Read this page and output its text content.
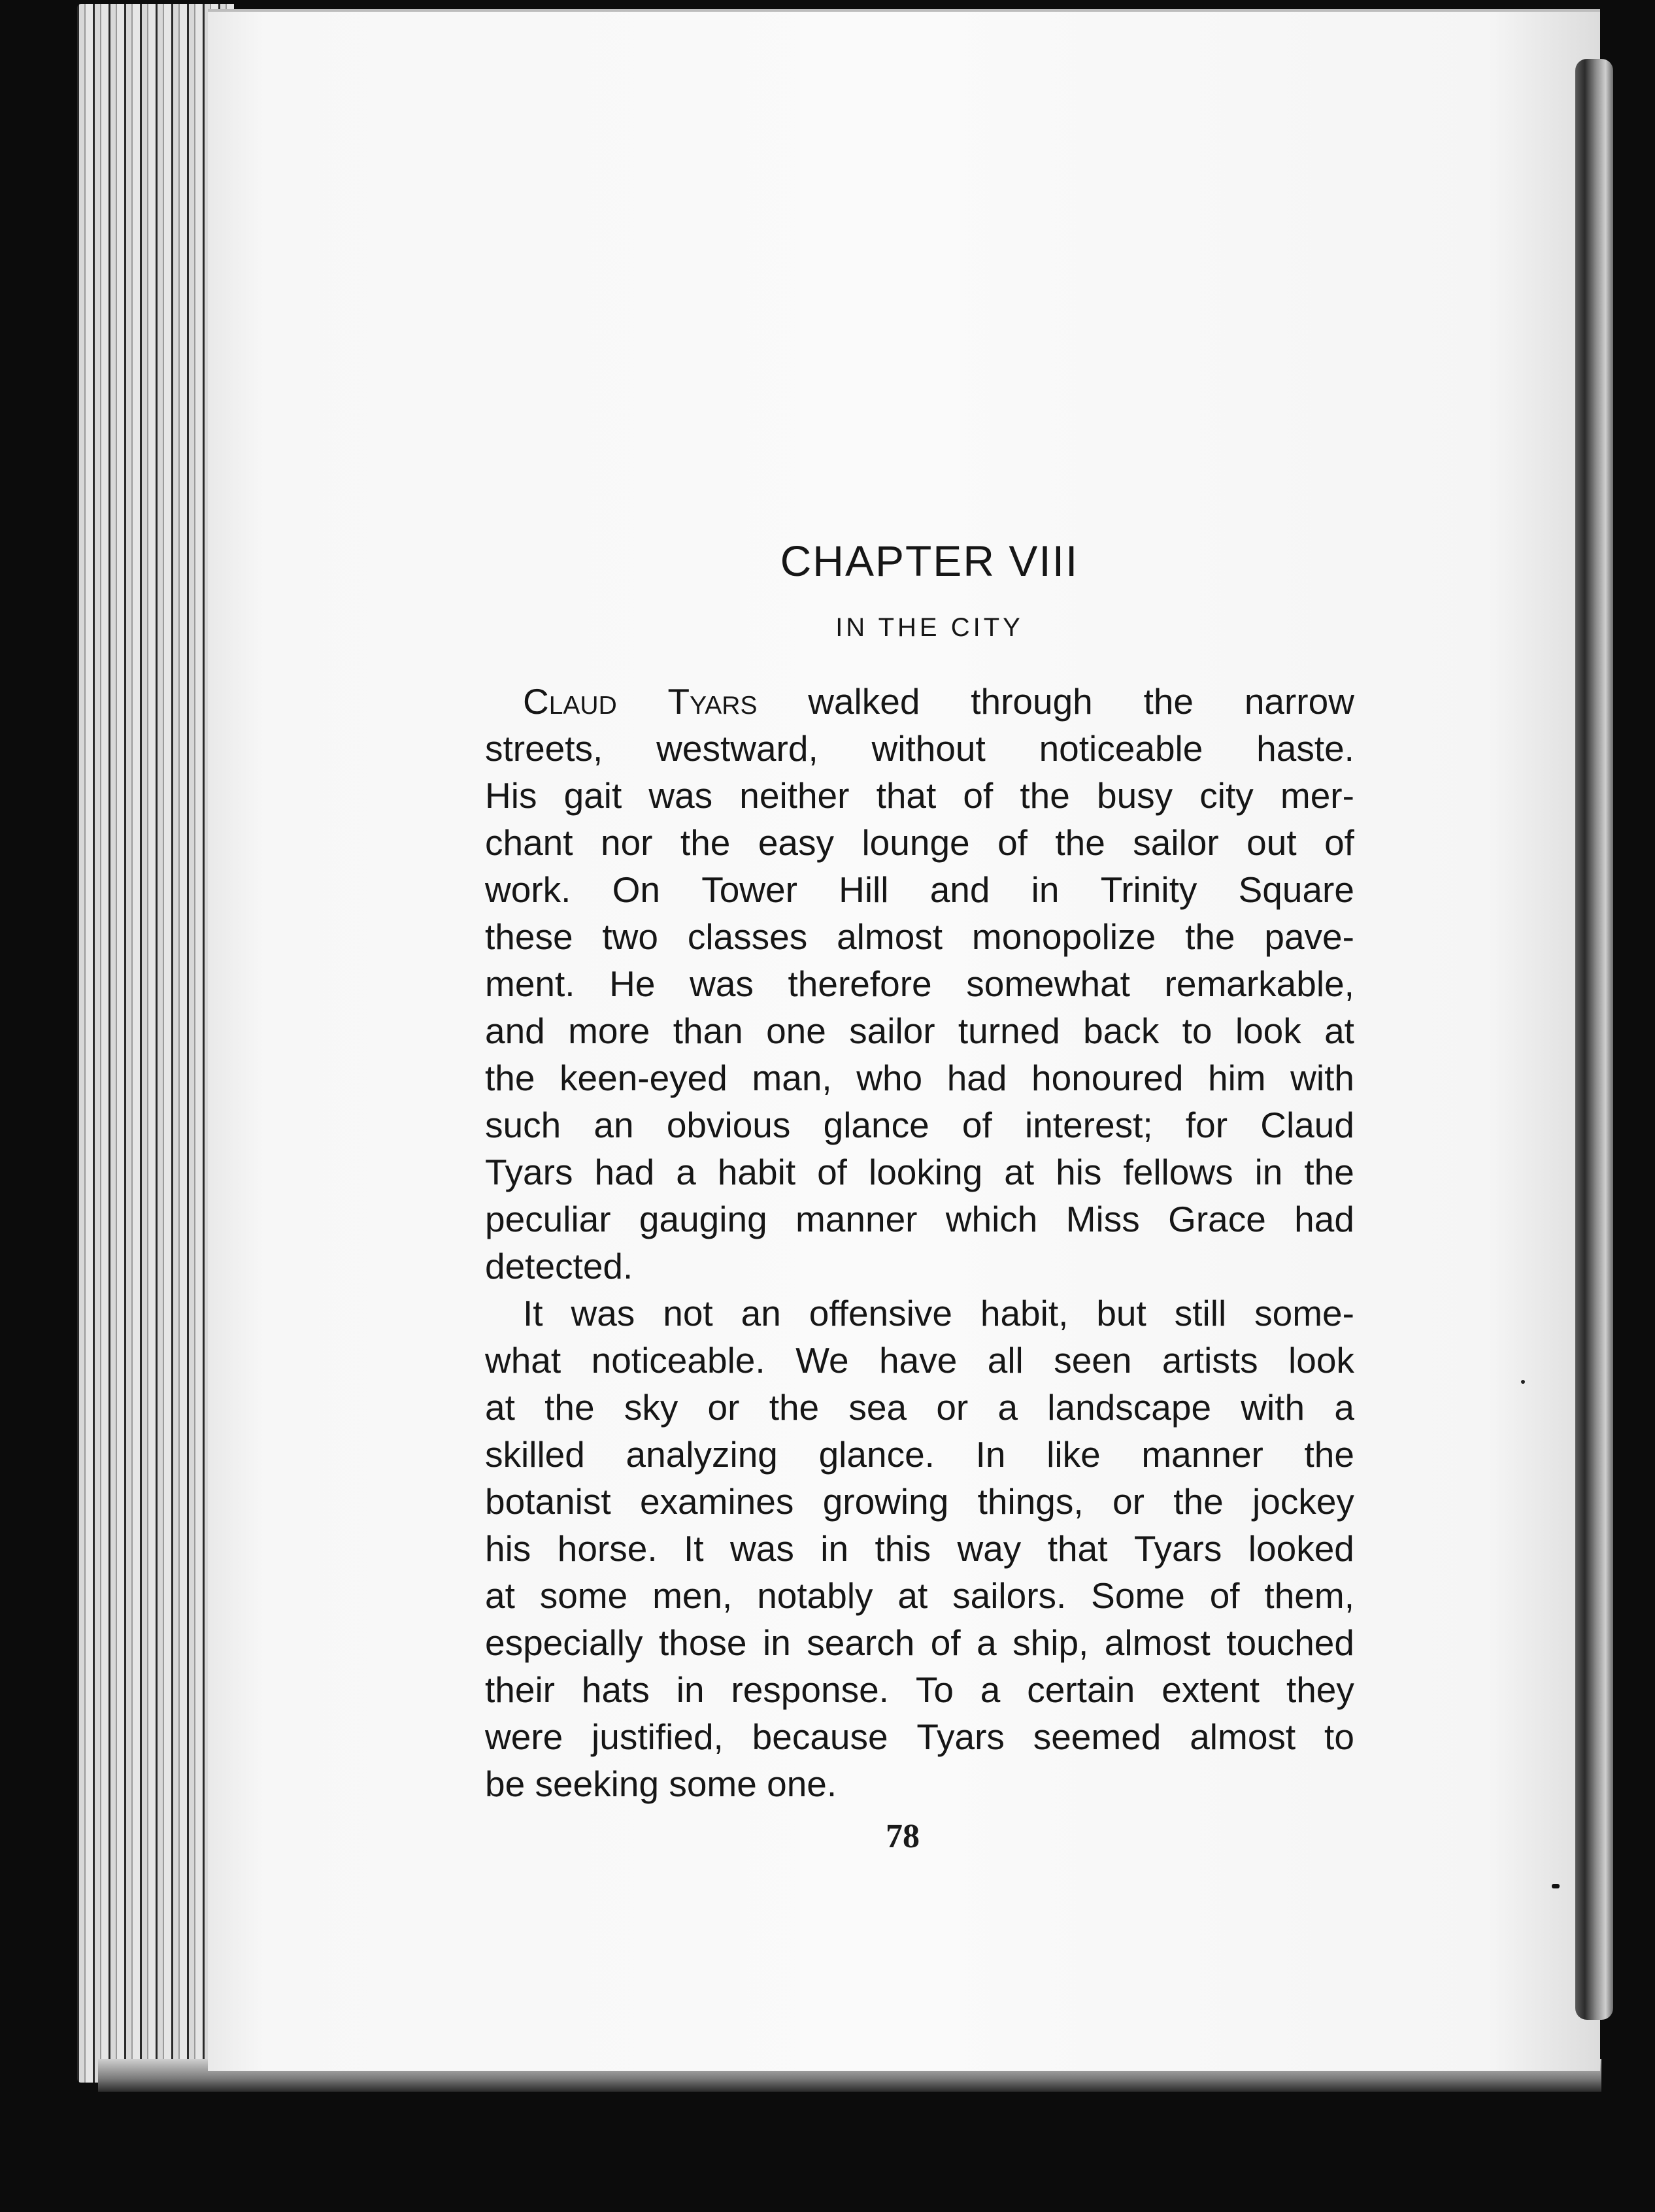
CHAPTER VIII
IN THE CITY
Claud Tyars walked through the narrow
streets, westward, without noticeable haste.
His gait was neither that of the busy city mer-
chant nor the easy lounge of the sailor out of
work. On Tower Hill and in Trinity Square
these two classes almost monopolize the pave-
ment. He was therefore somewhat remarkable,
and more than one sailor turned back to look at
the keen-eyed man, who had honoured him with
such an obvious glance of interest; for Claud
Tyars had a habit of looking at his fellows in the
peculiar gauging manner which Miss Grace had
detected.
It was not an offensive habit, but still some-
what noticeable. We have all seen artists look
at the sky or the sea or a landscape with a
skilled analyzing glance. In like manner the
botanist examines growing things, or the jockey
his horse. It was in this way that Tyars looked
at some men, notably at sailors. Some of them,
especially those in search of a ship, almost touched
their hats in response. To a certain extent they
were justified, because Tyars seemed almost to
be seeking some one.
78
